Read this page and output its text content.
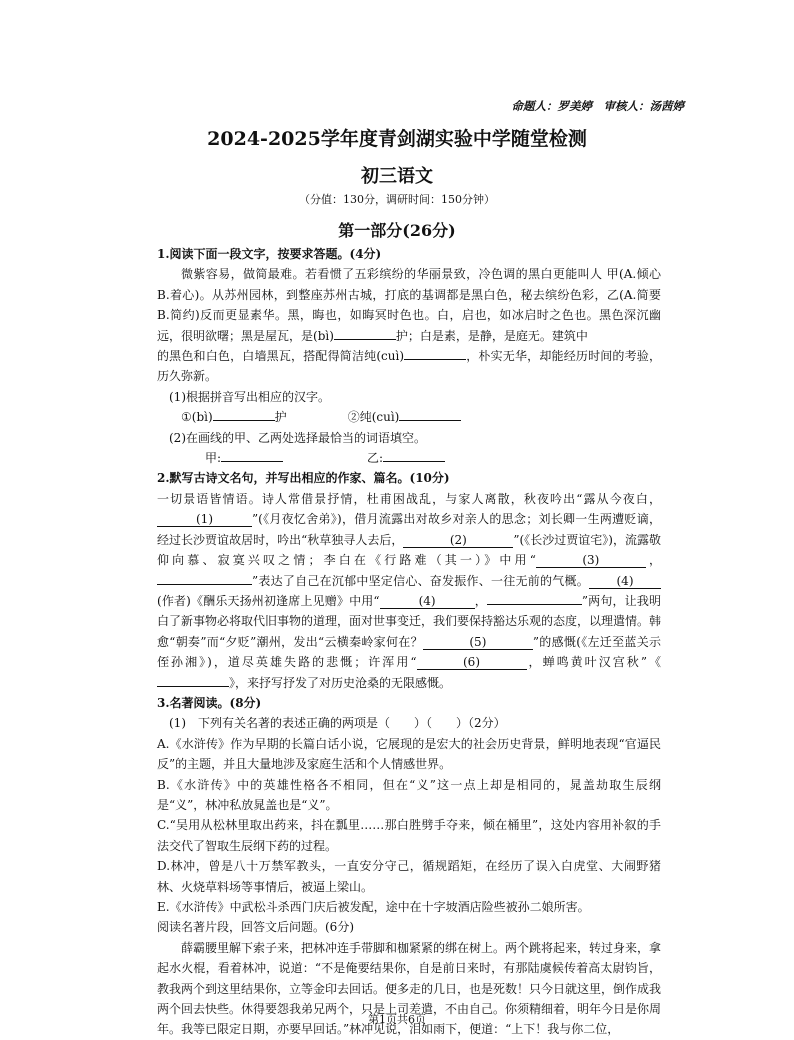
命题人：罗美婷　审核人：汤茜婷
2024-2025学年度青剑湖实验中学随堂检测
初三语文
（分值：130分，调研时间：150分钟）
第一部分(26分)

1.阅读下面一段文字，按要求答题。(4分)

微紫容易，做简最难。若看惯了五彩缤纷的华丽景致，冷色调的黑白更能叫人 甲(A.倾心 B.着心)。从苏州园林，到整座苏州古城，打底的基调都是黑白色，秘去缤纷色彩，乙(A.简要 B.简约)反而更显素华。黑，晦也，如晦冥时色也。白，启也，如冰启时之色也。黑色深沉幽远，很明欲曙；黑是屋瓦，是(bì)	护；白是素，是静，是庭无。建筑中
的黑色和白色，白墙黑瓦，搭配得简洁纯(cuì)	，朴实无华，却能经历时间的考验，历久弥新。

(1)根据拼音写出相应的汉字。

①(bì)	护	②纯(cuì)

(2)在画线的甲、乙两处选择最恰当的词语填空。

甲:	乙:

2.默写古诗文名句，并写出相应的作家、篇名。(10分)

一切景语皆情语。诗人常借景抒情，杜甫困战乱，与家人离散，秋夜吟出“露从今夜白， (1)	”(《月夜忆舍弟》)，借月流露出对故乡对亲人的思念；刘长卿一生两遭贬谪，经过长沙贾谊故居时，吟出“秋草独寻人去后，	(2)	”(《长沙过贾谊宅》)，流露敬仰向慕、寂寞兴叹之情；李白在《行路难（其一）》中用“	(3)	，”表达了自己在沉郁中坚定信心、奋发振作、一往无前的气概。 (4)(作者)《酬乐天扬州初逢席上见赠》中用“	(4)	，	”两句，让我明白了新事物必将取代旧事物的道理，面对世事变迁，我们要保持豁达乐观的态度，以理遣情。韩愈“朝奏”而“夕贬”潮州，发出“云横秦岭家何在？	(5)	”的感慨(《左迁至蓝关示侄孙湘》)，道尽英雄失路的悲慨；许浑用“	(6)	，蝉鸣黄叶汉宫秋”《》，来抒写抒发了对历史沧桑的无限感慨。

3.名著阅读。(8分)

(1)　下列有关名著的表述正确的两项是（　　）（　　）（2分）

A.《水浒传》作为早期的长篇白话小说，它展现的是宏大的社会历史背景，鲜明地表现“官逼民反”的主题，并且大量地涉及家庭生活和个人情感世界。

B.《水浒传》中的英雄性格各不相同，但在“义”这一点上却是相同的，晁盖劫取生辰纲是“义”，林冲私放晁盖也是“义”。

C.“吴用从松林里取出药来，抖在瓢里……那白胜劈手夺来，倾在桶里”，这处内容用补叙的手法交代了智取生辰纲下药的过程。

D.林冲，曾是八十万禁军教头，一直安分守己，循规蹈矩，在经历了误入白虎堂、大闹野猪林、火烧草料场等事情后，被逼上梁山。

E.《水浒传》中武松斗杀西门庆后被发配，途中在十字坡酒店险些被孙二娘所害。

阅读名著片段，回答文后问题。(6分)

薛霸腰里解下索子来，把林冲连手带脚和枷紧紧的绑在树上。两个跳将起来，转过身来，拿起水火棍，看着林冲，说道：“不是俺要结果你，自是前日来时，有那陆虞候传着高太尉钧旨，教我两个到这里结果你，立等金印去回话。便多走的几日，也是死数！只今日就这里，倒作成我两个回去快些。休得要怨我弟兄两个，只是上司差遣，不由自己。你须精细着，明年今日是你周年。我等已限定日期，亦要早回话。”林冲见说，泪如雨下，便道：“上下！我与你二位，

第1页共6页
